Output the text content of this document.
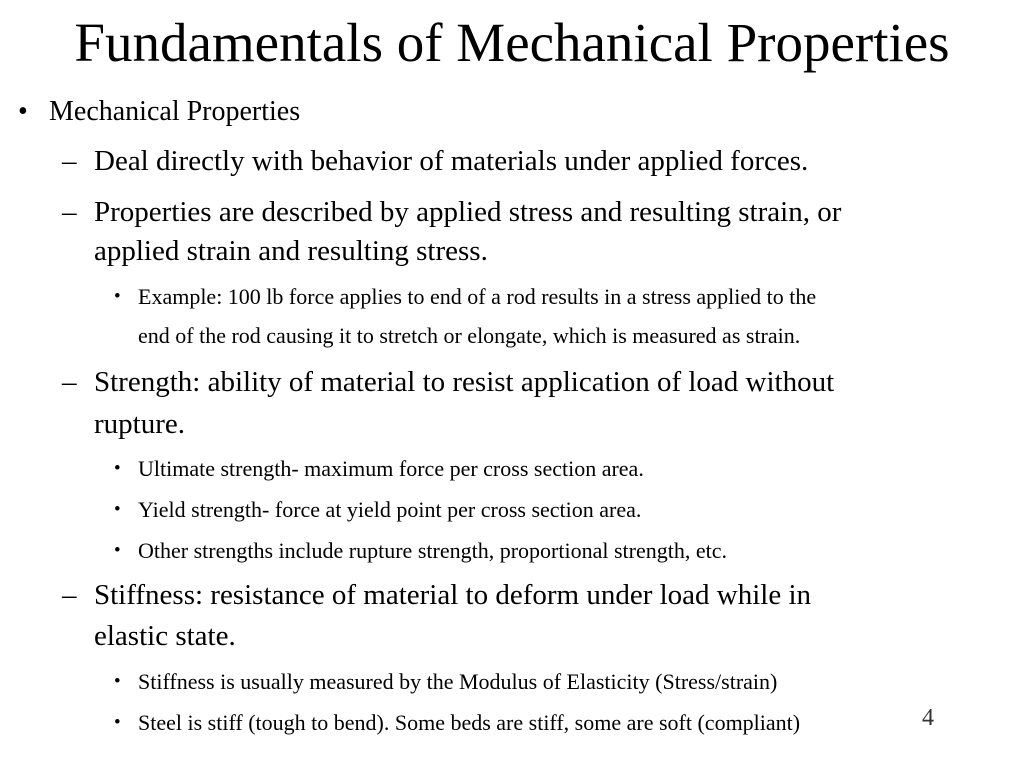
Fundamentals of Mechanical Properties
• Mechanical Properties
– Deal directly with behavior of materials under applied forces.
– Properties are described by applied stress and resulting strain, or
applied strain and resulting stress.
• Example: 100 lb force applies to end of a rod results in a stress applied to the
end of the rod causing it to stretch or elongate, which is measured as strain.
– Strength: ability of material to resist application of load without
rupture.
• Ultimate strength- maximum force per cross section area.
• Yield strength- force at yield point per cross section area.
• Other strengths include rupture strength, proportional strength, etc.
– Stiffness: resistance of material to deform under load while in
elastic state.
• Stiffness is usually measured by the Modulus of Elasticity (Stress/strain)
• Steel is stiff (tough to bend). Some beds are stiff, some are soft (compliant)	4
